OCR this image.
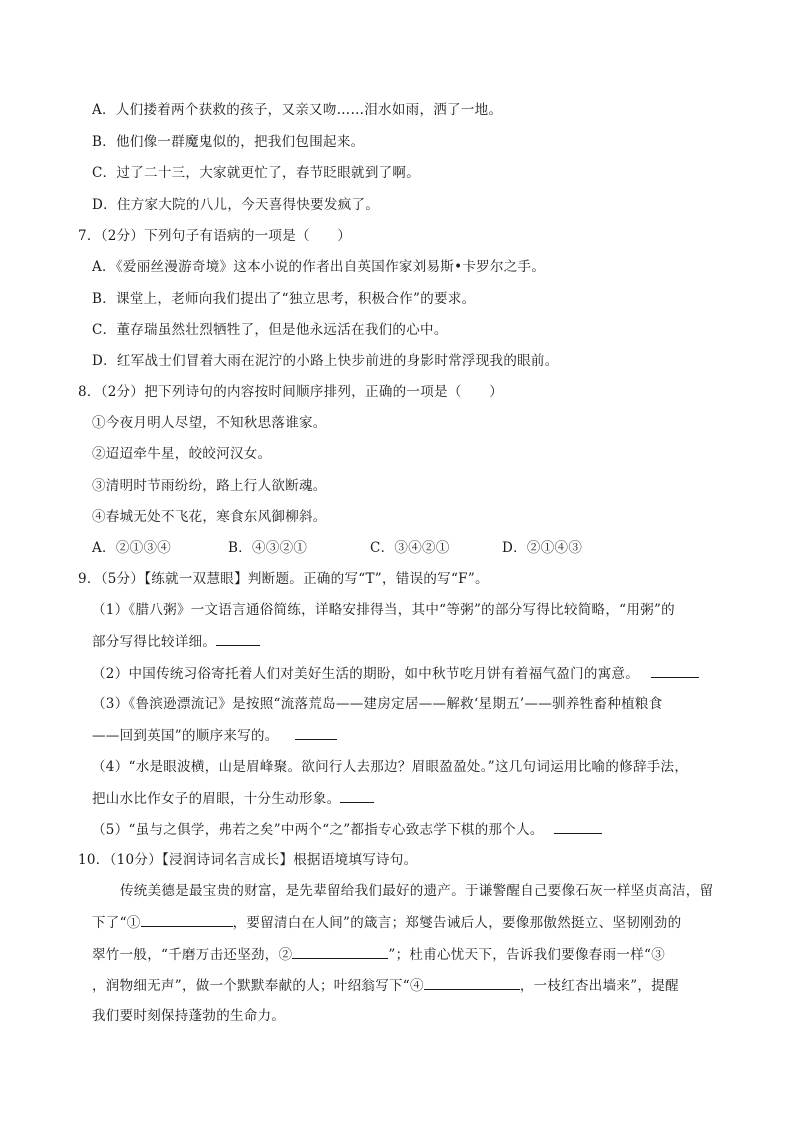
A．人们搂着两个获救的孩子，又亲又吻……泪水如雨，洒了一地。
B．他们像一群魔鬼似的，把我们包围起来。
C．过了二十三，大家就更忙了，春节眨眼就到了啊。
D．住方家大院的八儿，今天喜得快要发疯了。
7．（2分）下列句子有语病的一项是（　　）
A．《爱丽丝漫游奇境》这本小说的作者出自英国作家刘易斯•卡罗尔之手。
B．课堂上，老师向我们提出了“独立思考，积极合作”的要求。
C．董存瑞虽然壮烈牺牲了，但是他永远活在我们的心中。
D．红军战士们冒着大雨在泥泞的小路上快步前进的身影时常浮现我的眼前。
8．（2分）把下列诗句的内容按时间顺序排列，正确的一项是（　　）
①今夜月明人尽望，不知秋思落谁家。
②迢迢牵牛星，皎皎河汉女。
③清明时节雨纷纷，路上行人欲断魂。
④春城无处不飞花，寒食东风御柳斜。
A．②①③④	B．④③②①	C．③④②①	D．②①④③
9．（5分）【练就一双慧眼】判断题。正确的写“T”，错误的写“F”。
（1）《腊八粥》一文语言通俗简练，详略安排得当，其中“等粥”的部分写得比较简略，“用粥”的
部分写得比较详细。
（2）中国传统习俗寄托着人们对美好生活的期盼，如中秋节吃月饼有着福气盈门的寓意。
（3）《鲁滨逊漂流记》是按照“流落荒岛——建房定居——解救‘星期五’——驯养牲畜种植粮食
——回到英国”的顺序来写的。
（4）“水是眼波横，山是眉峰聚。欲问行人去那边？眉眼盈盈处。”这几句词运用比喻的修辞手法，
把山水比作女子的眉眼，十分生动形象。
（5）“虽与之俱学，弗若之矣”中两个“之”都指专心致志学下棋的那个人。
10．（10分）【浸润诗词名言成长】根据语境填写诗句。
传统美德是最宝贵的财富，是先辈留给我们最好的遗产。于谦警醒自己要像石灰一样坚贞高洁，留
下了“①	，要留清白在人间”的箴言；郑燮告诫后人，要像那傲然挺立、坚韧刚劲的
翠竹一般，“千磨万击还坚劲，②	”；杜甫心忧天下，告诉我们要像春雨一样“③
，润物细无声”，做一个默默奉献的人；叶绍翁写下“④	，一枝红杏出墙来”，提醒
我们要时刻保持蓬勃的生命力。
